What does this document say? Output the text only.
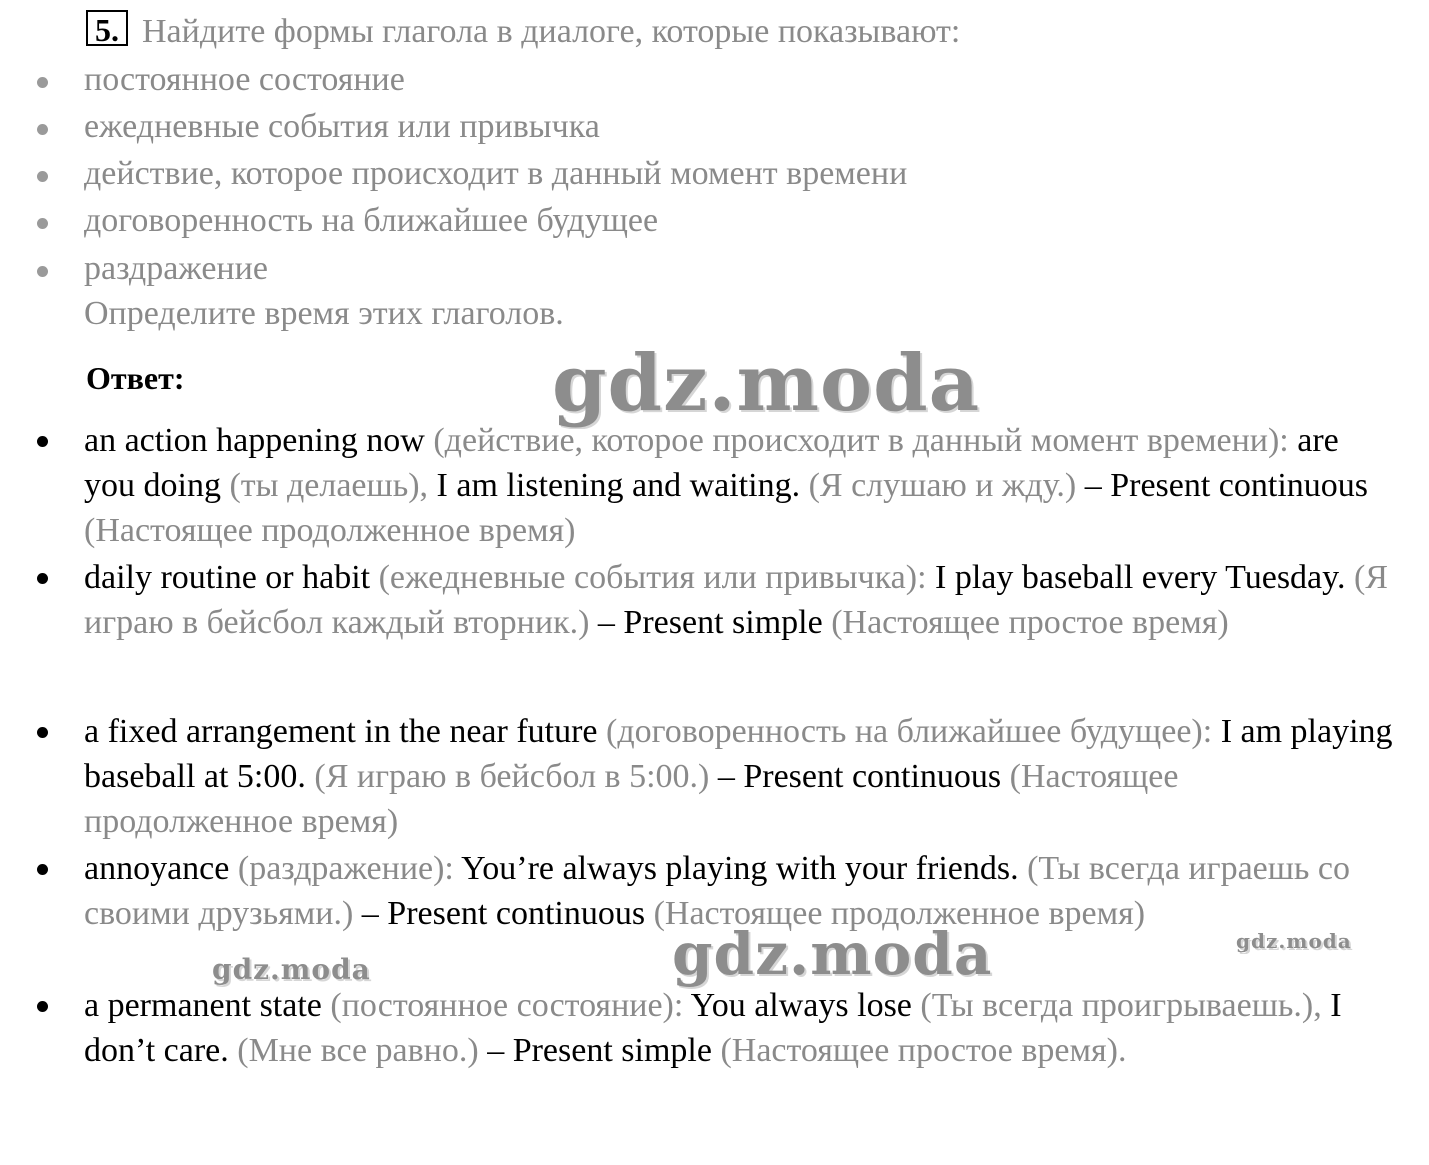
5. Найдите формы глагола в диалоге, которые показывают:
постоянное состояние
ежедневные события или привычка
действие, которое происходит в данный момент времени
договоренность на ближайшее будущее
раздражение
Определите время этих глаголов.
Ответ:
an action happening now (действие, которое происходит в данный момент времени): are you doing (ты делаешь), I am listening and waiting. (Я слушаю и жду.) – Present continuous (Настоящее продолженное время)
daily routine or habit (ежедневные события или привычка): I play baseball every Tuesday. (Я играю в бейсбол каждый вторник.) – Present simple (Настоящее простое время)
a fixed arrangement in the near future (договоренность на ближайшее будущее): I am playing baseball at 5:00. (Я играю в бейсбол в 5:00.) – Present continuous (Настоящее продолженное время)
annoyance (раздражение): You’re always playing with your friends. (Ты всегда играешь со своими друзьями.) – Present continuous (Настоящее продолженное время)
a permanent state (постоянное состояние): You always lose (Ты всегда проигрываешь.), I don’t care. (Мне все равно.) – Present simple (Настоящее простое время).
gdz.moda
gdz.moda
gdz.moda
gdz.moda
